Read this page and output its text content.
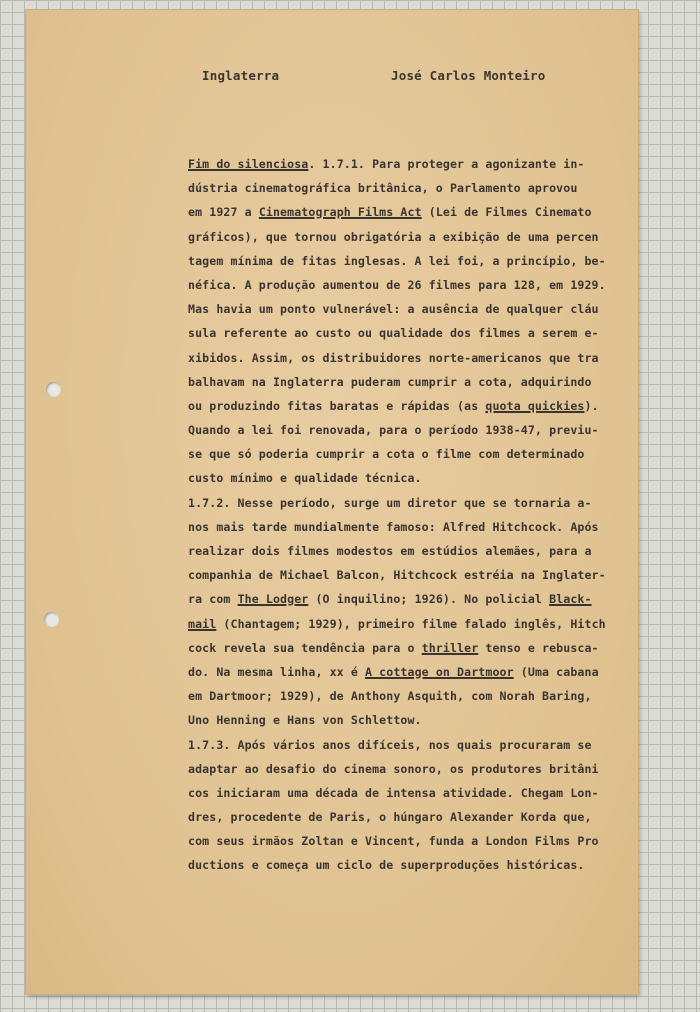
Inglaterra	José Carlos Monteiro
Fim do silenciosa. 1.7.1. Para proteger a agonizante in-
dústria cinematográfica britânica, o Parlamento aprovou
em 1927 a Cinematograph Films Act (Lei de Filmes Cinemato
gráficos), que tornou obrigatória a exibição de uma percen
tagem mínima de fitas inglesas. A lei foi, a princípio, be-
néfica. A produção aumentou de 26 filmes para 128, em 1929.
Mas havia um ponto vulnerável: a ausência de qualquer cláu
sula referente ao custo ou qualidade dos filmes a serem e-
xibidos. Assim, os distribuidores norte-americanos que tra
balhavam na Inglaterra puderam cumprir a cota, adquirindo
ou produzindo fitas baratas e rápidas (as quota quickies).
Quando a lei foi renovada, para o período 1938-47, previu-
se que só poderia cumprir a cota o filme com determinado
custo mínimo e qualidade técnica.
1.7.2. Nesse período, surge um diretor que se tornaria a-
nos mais tarde mundialmente famoso: Alfred Hitchcock. Após
realizar dois filmes modestos em estúdios alemães, para a
companhia de Michael Balcon, Hitchcock estréia na Inglater-
ra com The Lodger (O inquilino; 1926). No policial Black-
mail (Chantagem; 1929), primeiro filme falado inglês, Hitch
cock revela sua tendência para o thriller tenso e rebusca-
do. Na mesma linha, xx é A cottage on Dartmoor (Uma cabana
em Dartmoor; 1929), de Anthony Asquith, com Norah Baring,
Uno Henning e Hans von Schlettow.
1.7.3. Após vários anos difíceis, nos quais procuraram se
adaptar ao desafio do cinema sonoro, os produtores britâni
cos iniciaram uma década de intensa atividade. Chegam Lon-
dres, procedente de Paris, o húngaro Alexander Korda que,
com seus irmãos Zoltan e Vincent, funda a London Films Pro
ductions e começa um ciclo de superproduções históricas.
